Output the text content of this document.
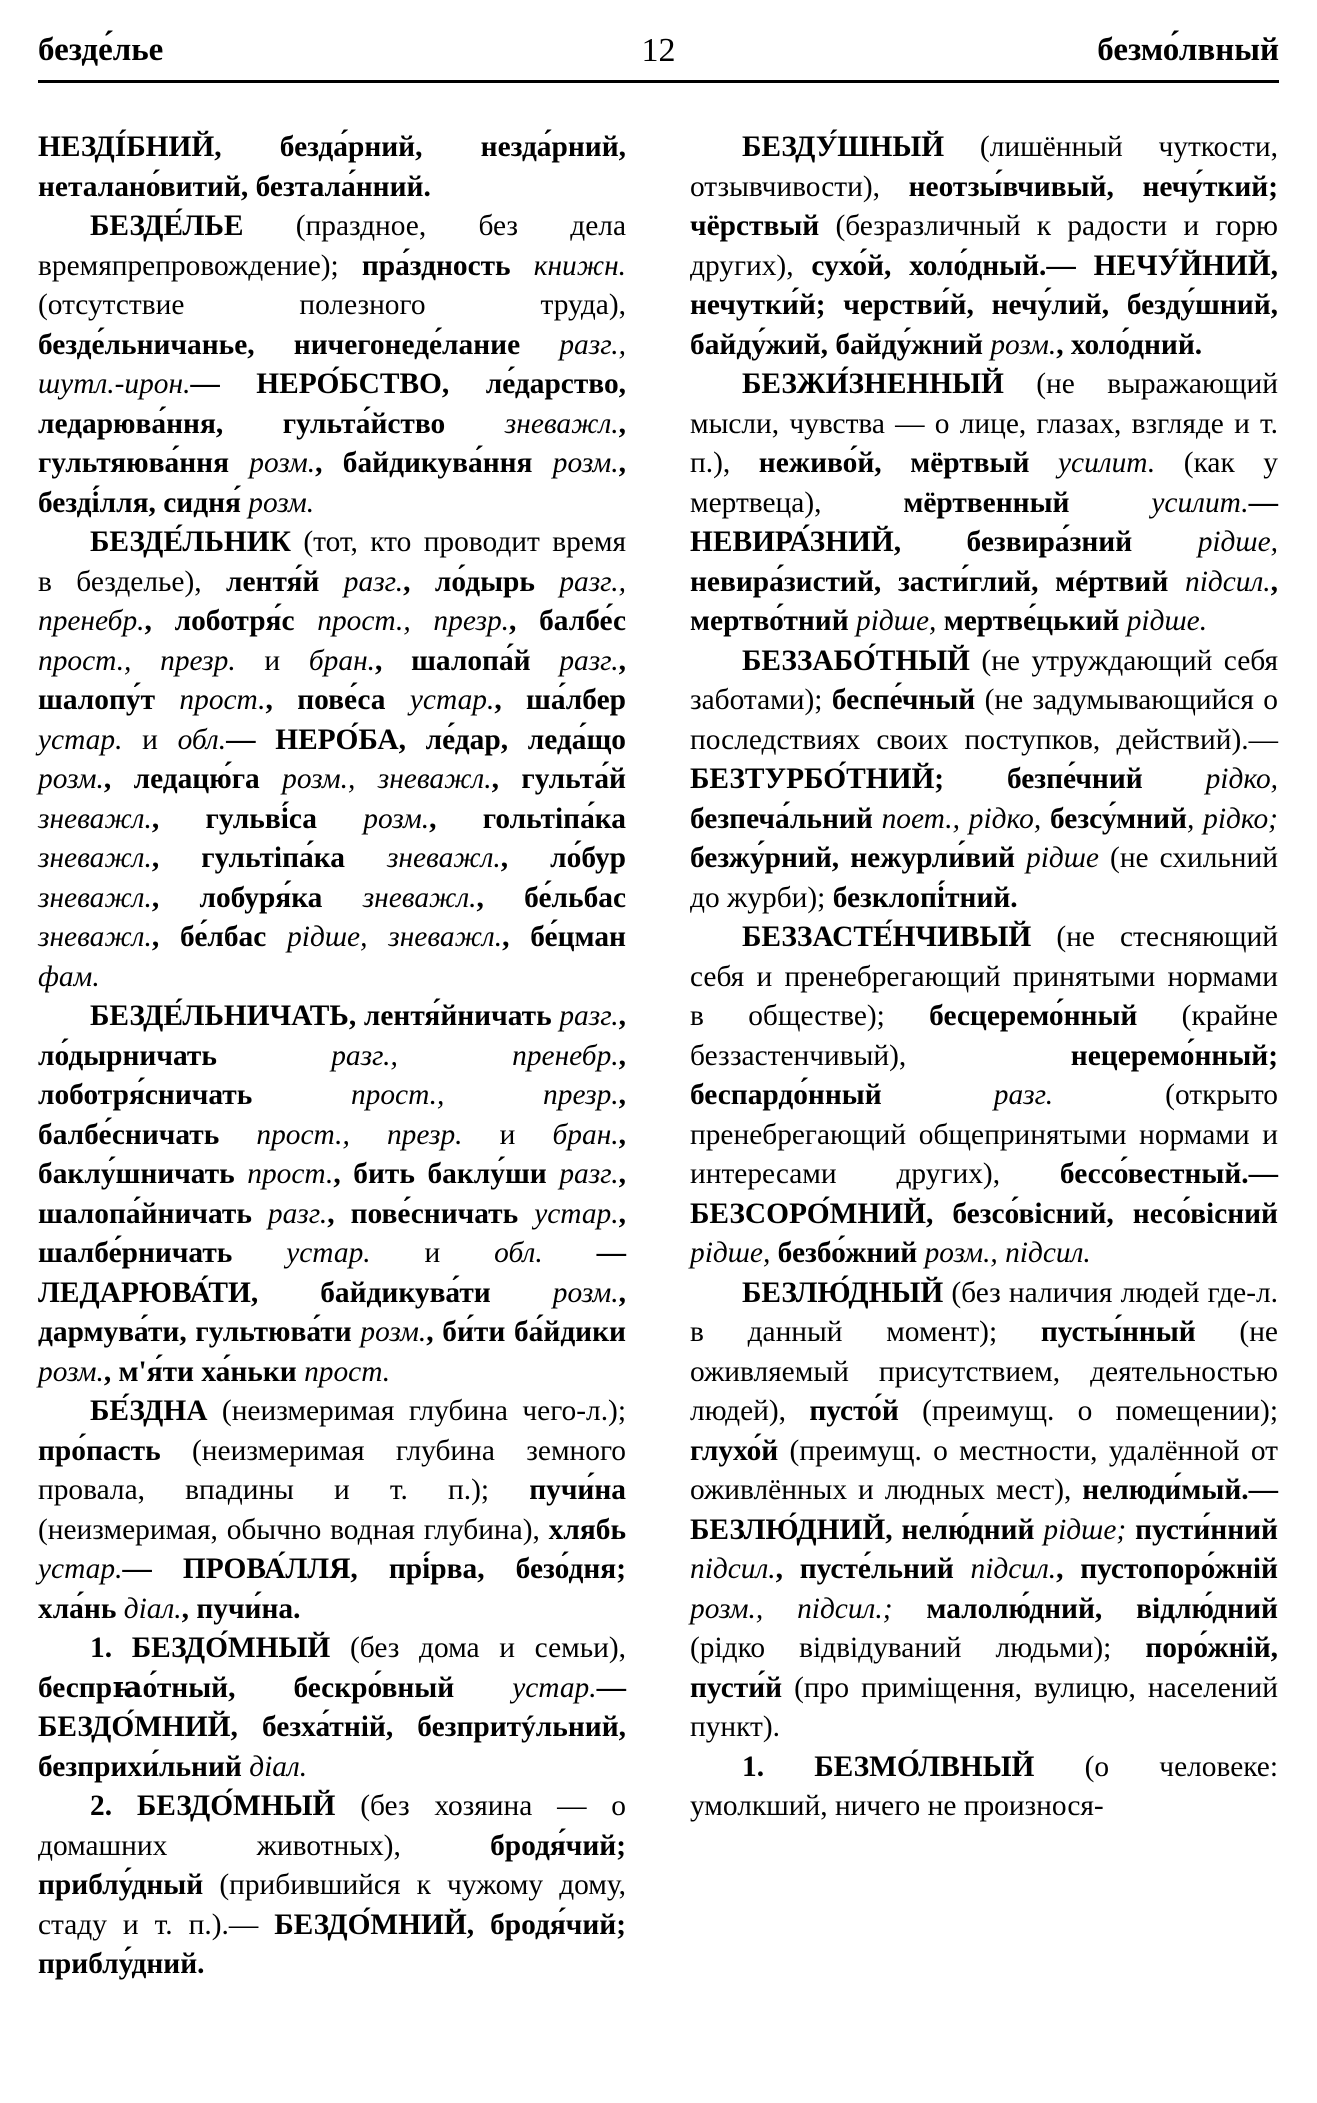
безде́лье	12	безмо́лвный

НЕЗДІ́БНИЙ, безда́рний, незда́рний, неталано́витий, безтала́нний.

БЕЗДЕ́ЛЬЕ (праздное, без дела времяпрепровождение); пра́здность книжн. (отсутствие полезного труда), безде́льничанье, ничегонеде́лание разг., шутл.-ирон.— НЕРО́БСТВО, ле́дарство, ледарюва́ння, гульта́йство зневажл., гультяюва́ння розм., байдикува́ння розм., безді́лля, сидня́ розм.

БЕЗДЕ́ЛЬНИК (тот, кто проводит время в безделье), лентя́й разг., ло́дырь разг., пренебр., лоботря́с прост., презр., балбе́с прост., презр. и бран., шалопа́й разг., шалопу́т прост., пове́са устар., ша́лбер устар. и обл.— НЕРО́БА, ле́дар, леда́що розм., ледацю́га розм., зневажл., гульта́й зневажл., гульві́са розм., гольтіпа́ка зневажл., гультіпа́ка зневажл., ло́бур зневажл., лобуря́ка зневажл., бе́льбас зневажл., бе́лбас рідше, зневажл., бе́цман фам.

БЕЗДЕ́ЛЬНИЧАТЬ, лентя́йничать разг., ло́дырничать	разг., пренебр., лоботря́сничать	прост., презр., балбе́сничать прост., презр. и бран., баклу́шничать прост., бить баклу́ши разг., шалопа́йничать разг., пове́сничать устар., шалбе́рничать устар. и обл. — ЛЕДАРЮВА́ТИ, байдикува́ти розм., дармува́ти, гультюва́ти розм., би́ти ба́йдики розм., м'я́ти ха́ньки прост.

БЕ́ЗДНА (неизмеримая глубина чего-л.); про́пасть (неизмеримая глубина земного провала, впадины и т. п.); пучи́на (неизмеримая, обычно водная глубина), хлябь устар.— ПРОВА́ЛЛЯ, прі́рва, безо́дня; хла́нь діал., пучи́на.

1. БЕЗДО́МНЫЙ (без дома и семьи), беспрꙗо́тный, бескро́вный устар.— БЕЗДО́МНИЙ, безха́тній, безпритýльний, безприхи́льний діал.

2. БЕЗДО́МНЫЙ (без хозяина — о домашних животных), бродя́чий; приблу́дный (прибившийся к чужому дому, стаду и т. п.).— БЕЗДО́МНИЙ, бродя́чий; приблу́дний.

БЕЗДУ́ШНЫЙ (лишённый чуткости, отзывчивости), неотзы́вчивый, нечу́ткий; чёрствый (безразличный к радости и горю других), сухо́й, холо́дный.— НЕЧУ́ЙНИЙ, нечутки́й; черстви́й, нечу́лий, безду́шний, байду́жий, байду́жний розм., холо́дний.

БЕЗЖИ́ЗНЕННЫЙ (не выражающий мысли, чувства — о лице, глазах, взгляде и т. п.), неживо́й, мёртвый усилит. (как у мертвеца), мёртвенный	усилит.— НЕВИРА́ЗНИЙ, безвира́зний рідше, невира́зистий, засти́глий, мéртвий підсил., мертво́тний рідше, мертве́цький рідше.

БЕЗЗАБО́ТНЫЙ (не утруждающий себя заботами); беспе́чный (не задумывающийся о последствиях своих поступков, действий).— БЕЗТУРБО́ТНИЙ; безпе́чний рідко, безпеча́льний поет., рідко, безсу́мний, рідко; безжу́рний, нежурли́вий рідше (не схильний до журби); безклопі́тний.

БЕЗЗАСТЕ́НЧИВЫЙ (не стесняющий себя и пренебрегающий принятыми нормами в обществе); бесцеремо́нный (крайне беззастенчивый), нецеремо́нный; беспардо́нный	разг. (открыто пренебрегающий общепринятыми нормами и интересами других), бессо́вестный.— БЕЗСОРО́МНИЙ, безсо́вісний, несо́вісний рідше, безбо́жний розм., підсил.

БЕЗЛЮ́ДНЫЙ (без наличия людей где-л. в данный момент); пусты́нный (не оживляемый присутствием, деятельностью людей), пусто́й (преимущ. о помещении); глухо́й (преимущ. о местности, удалённой от оживлённых и людных мест), нелюди́мый.— БЕЗЛЮ́ДНИЙ, нелю́дний рідше; пусти́нний підсил., пусте́льний підсил., пустопоро́жній розм., підсил.; малолю́дний, відлю́дний (рідко відвідуваний людьми); поро́жній, пусти́й (про приміщення, вулицю, населений пункт).

1. БЕЗМО́ЛВНЫЙ (о человеке: умолкший, ничего не произнося-
